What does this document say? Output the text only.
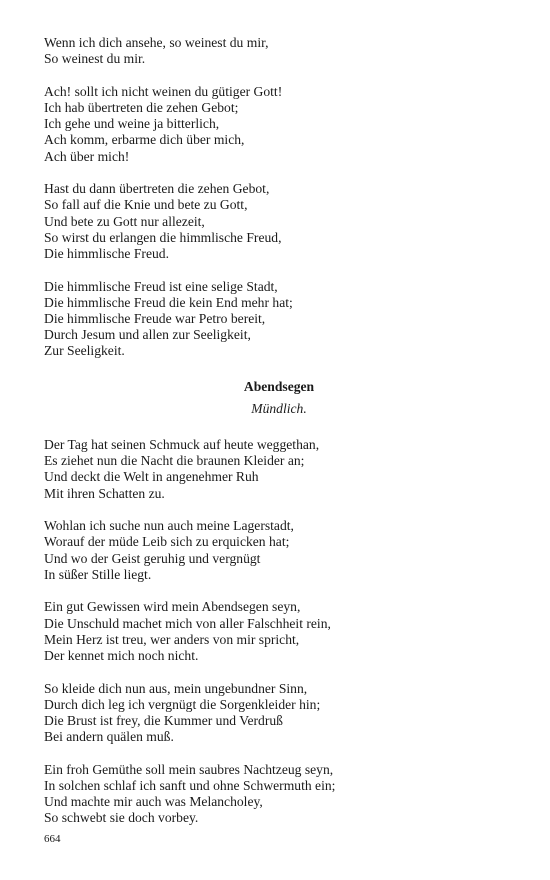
Wenn ich dich ansehe, so weinest du mir,
So weinest du mir.
Ach! sollt ich nicht weinen du gütiger Gott!
Ich hab übertreten die zehen Gebot;
Ich gehe und weine ja bitterlich,
Ach komm, erbarme dich über mich,
Ach über mich!
Hast du dann übertreten die zehen Gebot,
So fall auf die Knie und bete zu Gott,
Und bete zu Gott nur allezeit,
So wirst du erlangen die himmlische Freud,
Die himmlische Freud.
Die himmlische Freud ist eine selige Stadt,
Die himmlische Freud die kein End mehr hat;
Die himmlische Freude war Petro bereit,
Durch Jesum und allen zur Seeligkeit,
Zur Seeligkeit.
Abendsegen
Mündlich.
Der Tag hat seinen Schmuck auf heute weggethan,
Es ziehet nun die Nacht die braunen Kleider an;
Und deckt die Welt in angenehmer Ruh
Mit ihren Schatten zu.
Wohlan ich suche nun auch meine Lagerstadt,
Worauf der müde Leib sich zu erquicken hat;
Und wo der Geist geruhig und vergnügt
In süßer Stille liegt.
Ein gut Gewissen wird mein Abendsegen seyn,
Die Unschuld machet mich von aller Falschheit rein,
Mein Herz ist treu, wer anders von mir spricht,
Der kennet mich noch nicht.
So kleide dich nun aus, mein ungebundner Sinn,
Durch dich leg ich vergnügt die Sorgenkleider hin;
Die Brust ist frey, die Kummer und Verdruß
Bei andern quälen muß.
Ein froh Gemüthe soll mein saubres Nachtzeug seyn,
In solchen schlaf ich sanft und ohne Schwermuth ein;
Und machte mir auch was Melancholey,
So schwebt sie doch vorbey.
664
